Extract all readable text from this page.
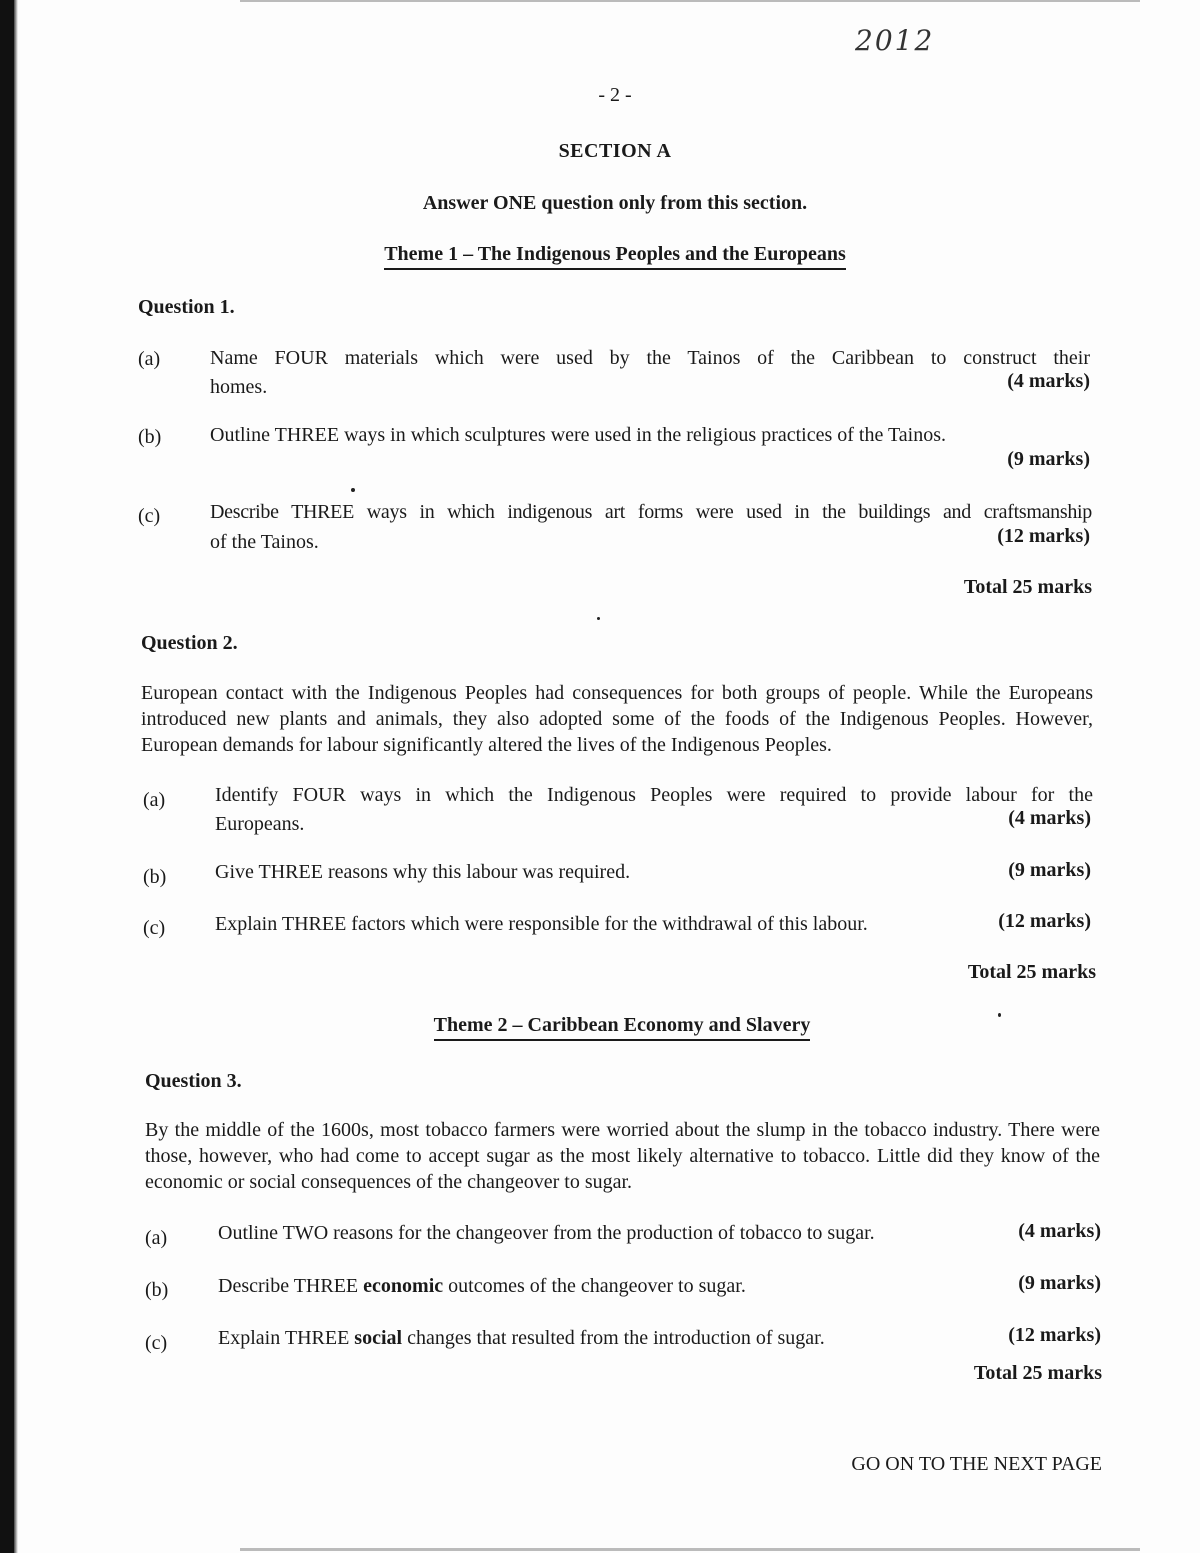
2012
- 2 -
SECTION A
Answer ONE question only from this section.
Theme 1 – The Indigenous Peoples and the Europeans
Question 1.
(a) Name FOUR materials which were used by the Tainos of the Caribbean to construct their
homes.	(4 marks)
(b) Outline THREE ways in which sculptures were used in the religious practices of the Tainos.
(9 marks)
(c) Describe THREE ways in which indigenous art forms were used in the buildings and craftsmanship
of the Tainos.	(12 marks)
Total 25 marks
Question 2.
European contact with the Indigenous Peoples had consequences for both groups of people. While the Europeans introduced new plants and animals, they also adopted some of the foods of the Indigenous Peoples. However, European demands for labour significantly altered the lives of the Indigenous Peoples.
(a) Identify FOUR ways in which the Indigenous Peoples were required to provide labour for the
Europeans.	(4 marks)
(b) Give THREE reasons why this labour was required.	(9 marks)
(c) Explain THREE factors which were responsible for the withdrawal of this labour.	(12 marks)
Total 25 marks
Theme 2 – Caribbean Economy and Slavery
Question 3.
By the middle of the 1600s, most tobacco farmers were worried about the slump in the tobacco industry. There were those, however, who had come to accept sugar as the most likely alternative to tobacco. Little did they know of the economic or social consequences of the changeover to sugar.
(a)	Outline TWO reasons for the changeover from the production of tobacco to sugar.	(4 marks)
(b) Describe THREE economic outcomes of the changeover to sugar.	(9 marks)
(c)	Explain THREE social changes that resulted from the introduction of sugar.	(12 marks)
Total 25 marks
GO ON TO THE NEXT PAGE
